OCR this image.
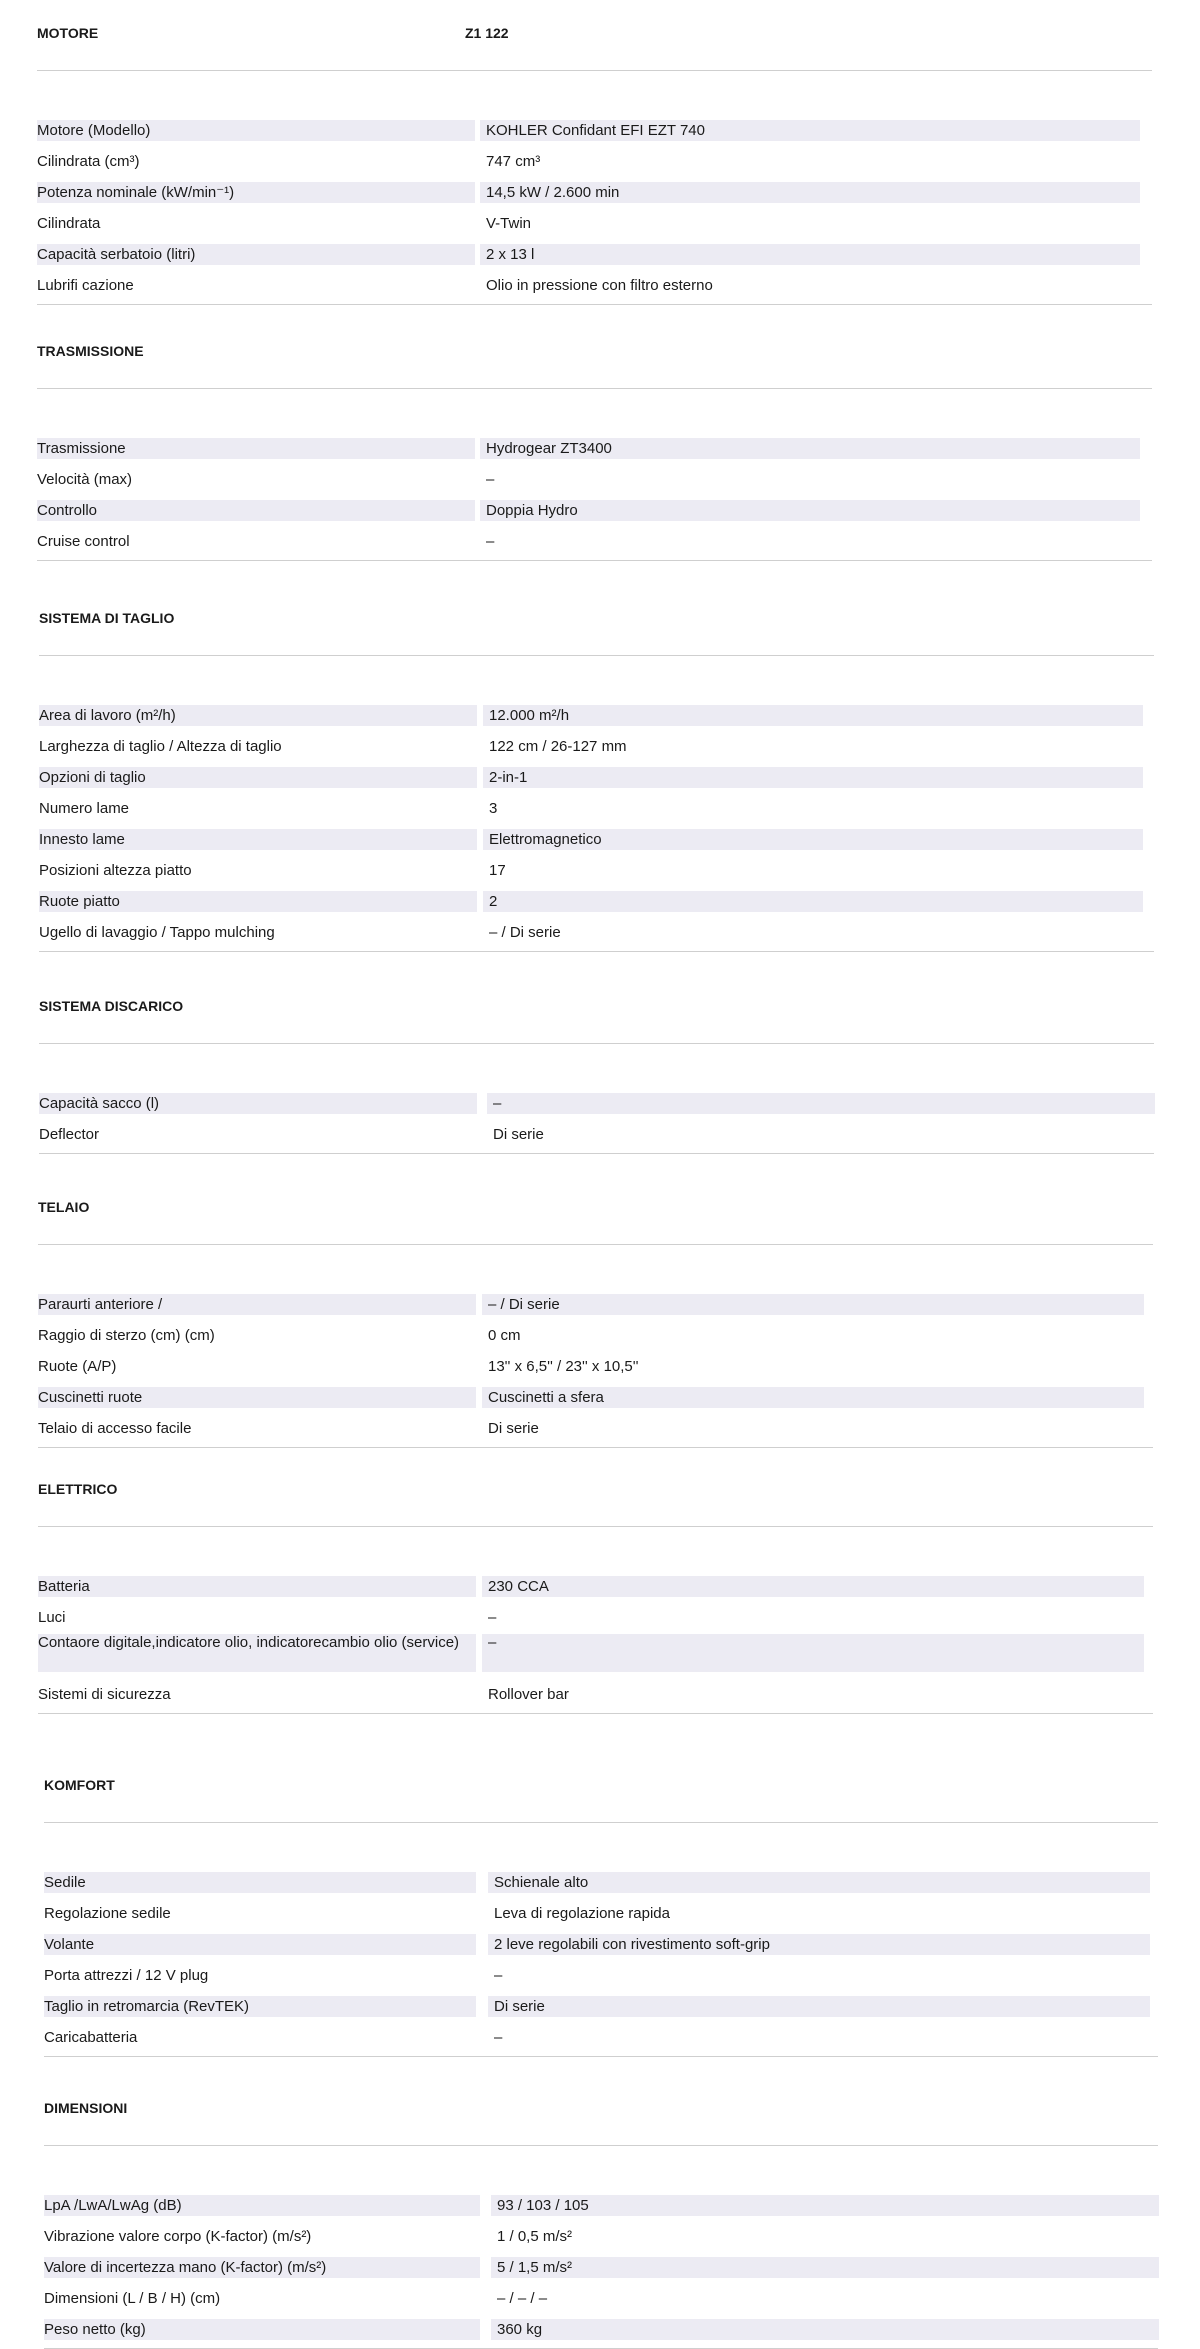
MOTORE	Z1 122
Motore (Modello)	KOHLER Confidant EFI EZT 740
Cilindrata (cm³)	747 cm³
Potenza nominale (kW/min⁻¹)	14,5 kW / 2.600 min
Cilindrata	V-Twin
Capacità serbatoio (litri)	2 x 13 l
Lubrifi cazione	Olio in pressione con filtro esterno
TRASMISSIONE
Trasmissione	Hydrogear ZT3400
Velocità (max)	–
Controllo	Doppia Hydro
Cruise control	–
SISTEMA DI TAGLIO
Area di lavoro (m²/h)	12.000 m²/h
Larghezza di taglio / Altezza di taglio	122 cm / 26-127 mm
Opzioni di taglio	2-in-1
Numero lame	3
Innesto lame	Elettromagnetico
Posizioni altezza piatto	17
Ruote piatto	2
Ugello di lavaggio / Tappo mulching	– / Di serie
SISTEMA DISCARICO
Capacità sacco (l)	–
Deflector	Di serie
TELAIO
Paraurti anteriore /	– / Di serie
Raggio di sterzo (cm) (cm)	0 cm
Ruote (A/P)	13'' x 6,5'' / 23'' x 10,5''
Cuscinetti ruote	Cuscinetti a sfera
Telaio di accesso facile	Di serie
ELETTRICO
Batteria	230 CCA
Luci	–
Contaore digitale,indicatore olio, indicatorecambio olio (service)	–
Sistemi di sicurezza	Rollover bar
KOMFORT
Sedile	Schienale alto
Regolazione sedile	Leva di regolazione rapida
Volante	2 leve regolabili con rivestimento soft-grip
Porta attrezzi / 12 V plug	–
Taglio in retromarcia (RevTEK)	Di serie
Caricabatteria	–
DIMENSIONI
LpA /LwA/LwAg (dB)	93 / 103 / 105
Vibrazione valore corpo (K-factor) (m/s²)	1 / 0,5 m/s²
Valore di incertezza mano (K-factor) (m/s²)	5 / 1,5 m/s²
Dimensioni (L / B / H) (cm)	– / – / –
Peso netto (kg)	360 kg
